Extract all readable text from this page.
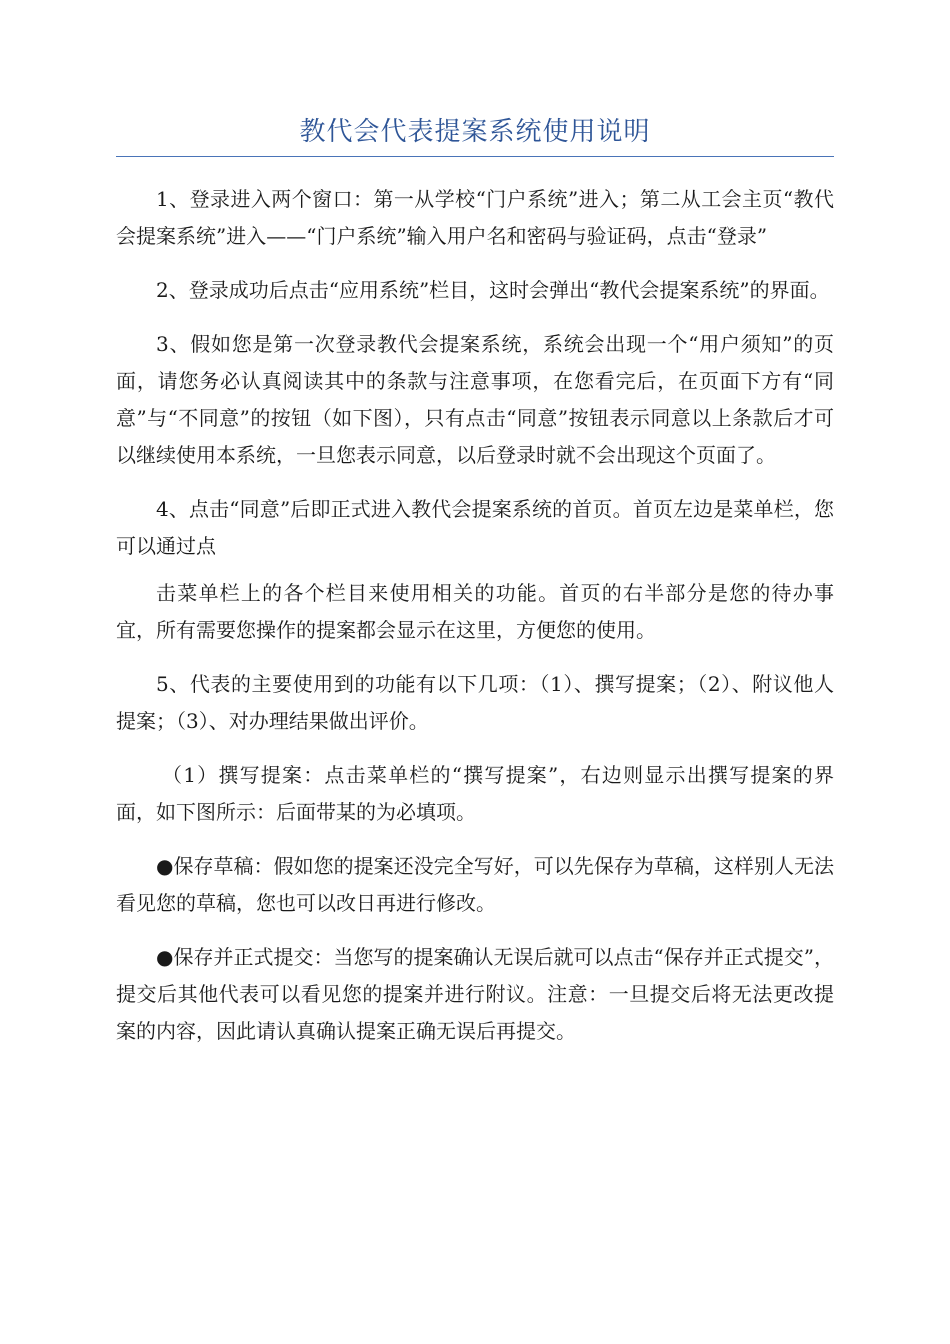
教代会代表提案系统使用说明

1、登录进入两个窗口：第一从学校“门户系统”进入；第二从工会主页“教代会提案系统”进入——“门户系统”输入用户名和密码与验证码，点击“登录”

2、登录成功后点击“应用系统”栏目，这时会弹出“教代会提案系统”的界面。

3、假如您是第一次登录教代会提案系统，系统会出现一个“用户须知”的页面，请您务必认真阅读其中的条款与注意事项，在您看完后，在页面下方有“同意”与“不同意”的按钮（如下图），只有点击“同意”按钮表示同意以上条款后才可以继续使用本系统，一旦您表示同意，以后登录时就不会出现这个页面了。

4、点击“同意”后即正式进入教代会提案系统的首页。首页左边是菜单栏，您可以通过点

击菜单栏上的各个栏目来使用相关的功能。首页的右半部分是您的待办事宜，所有需要您操作的提案都会显示在这里，方便您的使用。

5、代表的主要使用到的功能有以下几项：（1）、撰写提案；（2）、附议他人提案；（3）、对办理结果做出评价。

（1）撰写提案：点击菜单栏的“撰写提案”，右边则显示出撰写提案的界面，如下图所示：后面带某的为必填项。

●保存草稿：假如您的提案还没完全写好，可以先保存为草稿，这样别人无法看见您的草稿，您也可以改日再进行修改。

●保存并正式提交：当您写的提案确认无误后就可以点击“保存并正式提交”，提交后其他代表可以看见您的提案并进行附议。注意：一旦提交后将无法更改提案的内容，因此请认真确认提案正确无误后再提交。
